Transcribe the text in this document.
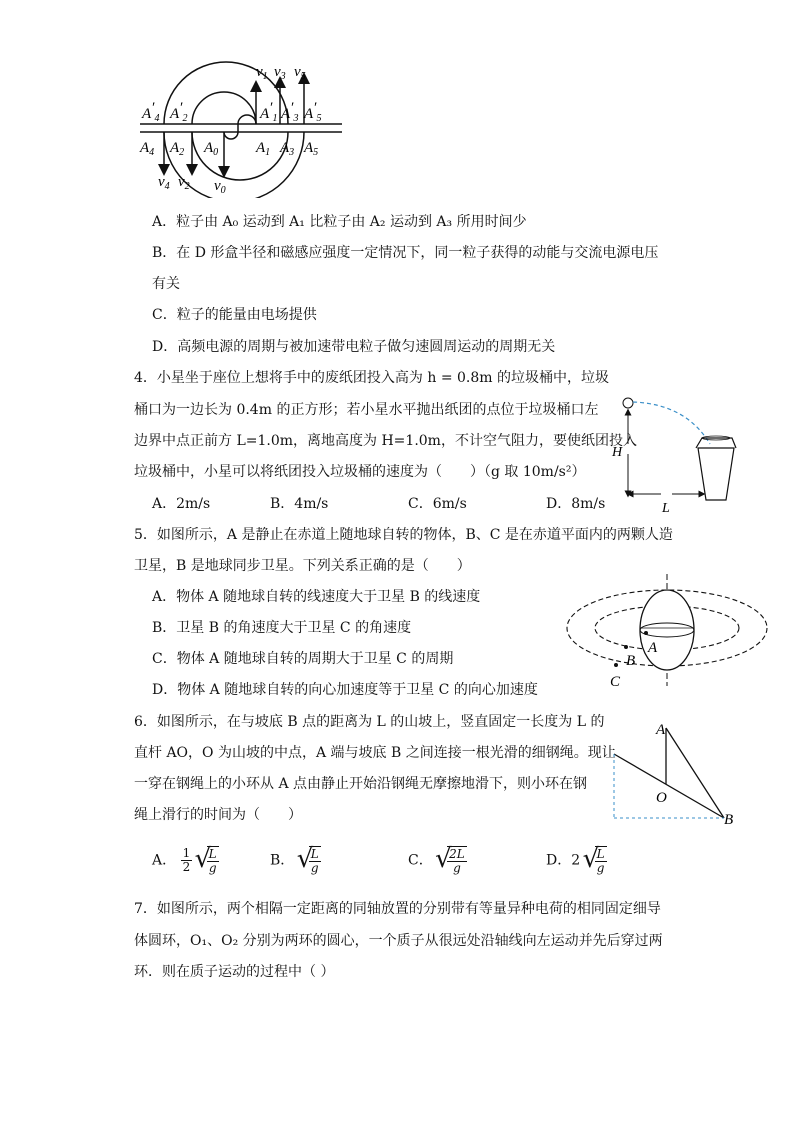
$v_1$ $v_3$ $v_5$
$A'_4$ $A'_2$	$A'_1$ $A'_3$ $A'_5$
$A_4$ $A_2$ $A_0$	$A_1$ $A_3$ $A_5$
$v_4$ $v_2$ $v_0$
A．粒子由 A₀ 运动到 A₁ 比粒子由 A₂ 运动到 A₃ 所用时间少
B．在 D 形盒半径和磁感应强度一定情况下，同一粒子获得的动能与交流电源电压
有关
C．粒子的能量由电场提供
D．高频电源的周期与被加速带电粒子做匀速圆周运动的周期无关
4．小星坐于座位上想将手中的废纸团投入高为 h = 0.8m 的垃圾桶中，垃圾
桶口为一边长为 0.4m 的正方形；若小星水平抛出纸团的点位于垃圾桶口左
边界中点正前方 L=1.0m，离地高度为 H=1.0m，不计空气阻力，要使纸团投入
垃圾桶中，小星可以将纸团投入垃圾桶的速度为（　　）（g 取 10m/s²）
A．2m/s	B．4m/s	C．6m/s	D．8m/s
H
L
5．如图所示，A 是静止在赤道上随地球自转的物体，B、C 是在赤道平面内的两颗人造
卫星，B 是地球同步卫星。下列关系正确的是（　　）
A．物体 A 随地球自转的线速度大于卫星 B 的线速度
B．卫星 B 的角速度大于卫星 C 的角速度
C．物体 A 随地球自转的周期大于卫星 C 的周期
D．物体 A 随地球自转的向心加速度等于卫星 C 的向心加速度
A
B
C
6．如图所示，在与坡底 B 点的距离为 L 的山坡上，竖直固定一长度为 L 的
直杆 AO，O 为山坡的中点，A 端与坡底 B 之间连接一根光滑的细钢绳。现让
一穿在钢绳上的小环从 A 点由静止开始沿钢绳无摩擦地滑下，则小环在钢
绳上滑行的时间为（　　）
A． $\frac{1}{2}$
√ $\frac{L}{g}$	B． √ $\frac{L}{g}$	C． √ $\frac{2L}{g}$	D．2 √ $\frac{L}{g}$
A
O
B
7．如图所示，两个相隔一定距离的同轴放置的分别带有等量异种电荷的相同固定细导
体圆环，O₁、O₂ 分别为两环的圆心，一个质子从很远处沿轴线向左运动并先后穿过两
环．则在质子运动的过程中（ ）
